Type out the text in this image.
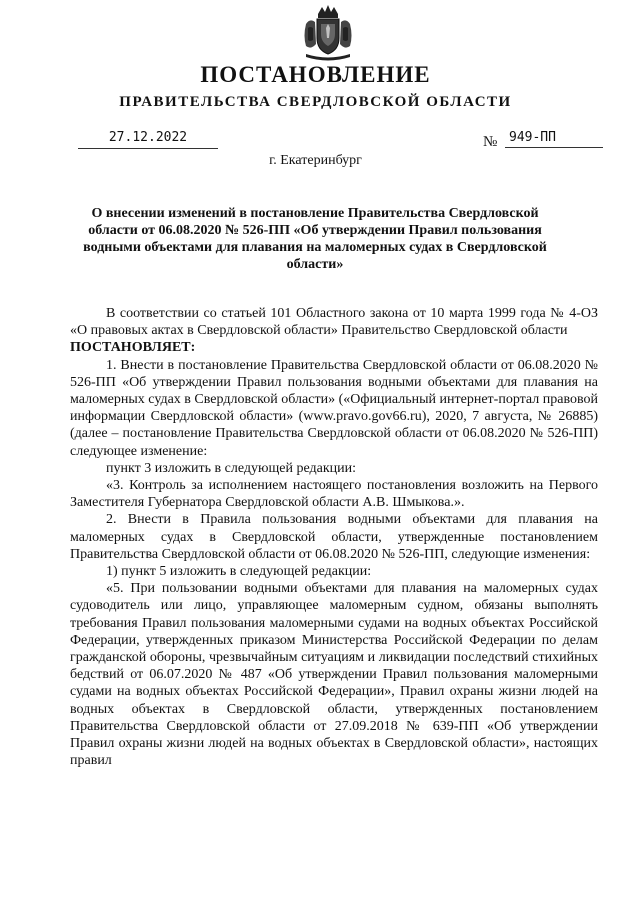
ПОСТАНОВЛЕНИЕ
ПРАВИТЕЛЬСТВА СВЕРДЛОВСКОЙ ОБЛАСТИ
27.12.2022	№ 949-ПП
г. Екатеринбург
О внесении изменений в постановление Правительства Свердловской области от 06.08.2020 № 526-ПП «Об утверждении Правил пользования водными объектами для плавания на маломерных судах в Свердловской области»

В соответствии со статьей 101 Областного закона от 10 марта 1999 года № 4-ОЗ «О правовых актах в Свердловской области» Правительство Свердловской области

ПОСТАНОВЛЯЕТ:

1. Внести в постановление Правительства Свердловской области от 06.08.2020 № 526-ПП «Об утверждении Правил пользования водными объектами для плавания на маломерных судах в Свердловской области» («Официальный интернет-портал правовой информации Свердловской области» (www.pravo.gov66.ru), 2020, 7 августа, № 26885) (далее – постановление Правительства Свердловской области от 06.08.2020 № 526-ПП) следующее изменение:

пункт 3 изложить в следующей редакции:

«3. Контроль за исполнением настоящего постановления возложить на Первого Заместителя Губернатора Свердловской области А.В. Шмыкова.».

2. Внести в Правила пользования водными объектами для плавания на маломерных судах в Свердловской области, утвержденные постановлением Правительства Свердловской области от 06.08.2020 № 526-ПП, следующие изменения:

1) пункт 5 изложить в следующей редакции:

«5. При пользовании водными объектами для плавания на маломерных судах судоводитель или лицо, управляющее маломерным судном, обязаны выполнять требования Правил пользования маломерными судами на водных объектах Российской Федерации, утвержденных приказом Министерства Российской Федерации по делам гражданской обороны, чрезвычайным ситуациям и ликвидации последствий стихийных бедствий от 06.07.2020 № 487 «Об утверждении Правил пользования маломерными судами на водных объектах Российской Федерации», Правил охраны жизни людей на водных объектах в Свердловской области, утвержденных постановлением Правительства Свердловской области от 27.09.2018 № 639-ПП «Об утверждении Правил охраны жизни людей на водных объектах в Свердловской области», настоящих правил
